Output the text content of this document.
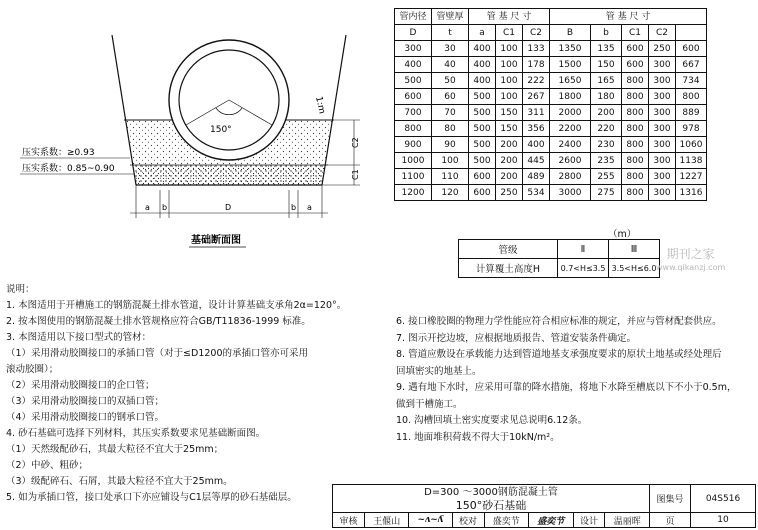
150°
1:m
C2
C1
a b	D	b a
压实系数：≥0.93
压实系数：0.85~0.90
基础断面图
管内径	管壁厚	管 基 尺 寸			管 基 尺 寸				
D	t	a	C1	C2	B	b	C1	C2	
300	30	400	100	133	1350	135	600	250	600
400	40	400	100	178	1500	150	600	300	667
500	50	400	100	222	1650	165	800	300	734
600	60	500	100	267	1800	180	800	300	800
700	70	500	150	311	2000	200	800	300	889
800	80	500	150	356	2200	220	800	300	978
900	90	500	200	400	2400	230	800	300	1060
1000	100	500	200	445	2600	235	800	300	1138
1100	110	600	200	489	2800	255	800	300	1227
1200	120	600	250	534	3000	275	800	300	1316
（m）
管级	Ⅱ	Ⅲ
计算覆土高度H	0.7<H≤3.5	3.5<H≤6.0
期刊之家
www.qikanzj.com
说明：
1. 本图适用于开槽施工的钢筋混凝土排水管道，设计计算基础支承角2α=120°。
2. 按本图使用的钢筋混凝土排水管规格应符合GB/T11836-1999 标准。
3. 本图适用以下接口型式的管材：
（1）采用滑动胶圈接口的承插口管（对于≤D1200的承插口管亦可采用
滚动胶圈）；
（2）采用滑动胶圈接口的企口管；
（3）采用滑动胶圈接口的双插口管；
（4）采用滑动胶圈接口的钢承口管。
4. 砂石基础可选择下列材料，其压实系数要求见基础断面图。
（1）天然级配砂石，其最大粒径不宜大于25mm；
（2）中砂、粗砂；
（3）级配碎石、石屑，其最大粒径不宜大于25mm。
5. 如为承插口管，接口处承口下亦应铺设与C1层等厚的砂石基础层。
6. 接口橡胶圈的物理力学性能应符合相应标准的规定，并应与管材配套供应。
7. 图示开挖边坡，应根据地质报告、管道安装条件确定。
8. 管道应敷设在承载能力达到管道地基支承强度要求的原状土地基或经处理后
回填密实的地基上。
9. 遇有地下水时，应采用可靠的降水措施，将地下水降至槽底以下不小于0.5m，
做到干槽施工。
10. 沟槽回填土密实度要求见总说明6.12条。
11. 地面堆积荷载不得大于10kN/m²。
D=300 ～3000钢筋混凝土管
150°砂石基础								图集号	04S516
审核	王偃山	~ʌ~ʎ	校对	盛奕节	盛奕节	设计	温丽晖	页	10
